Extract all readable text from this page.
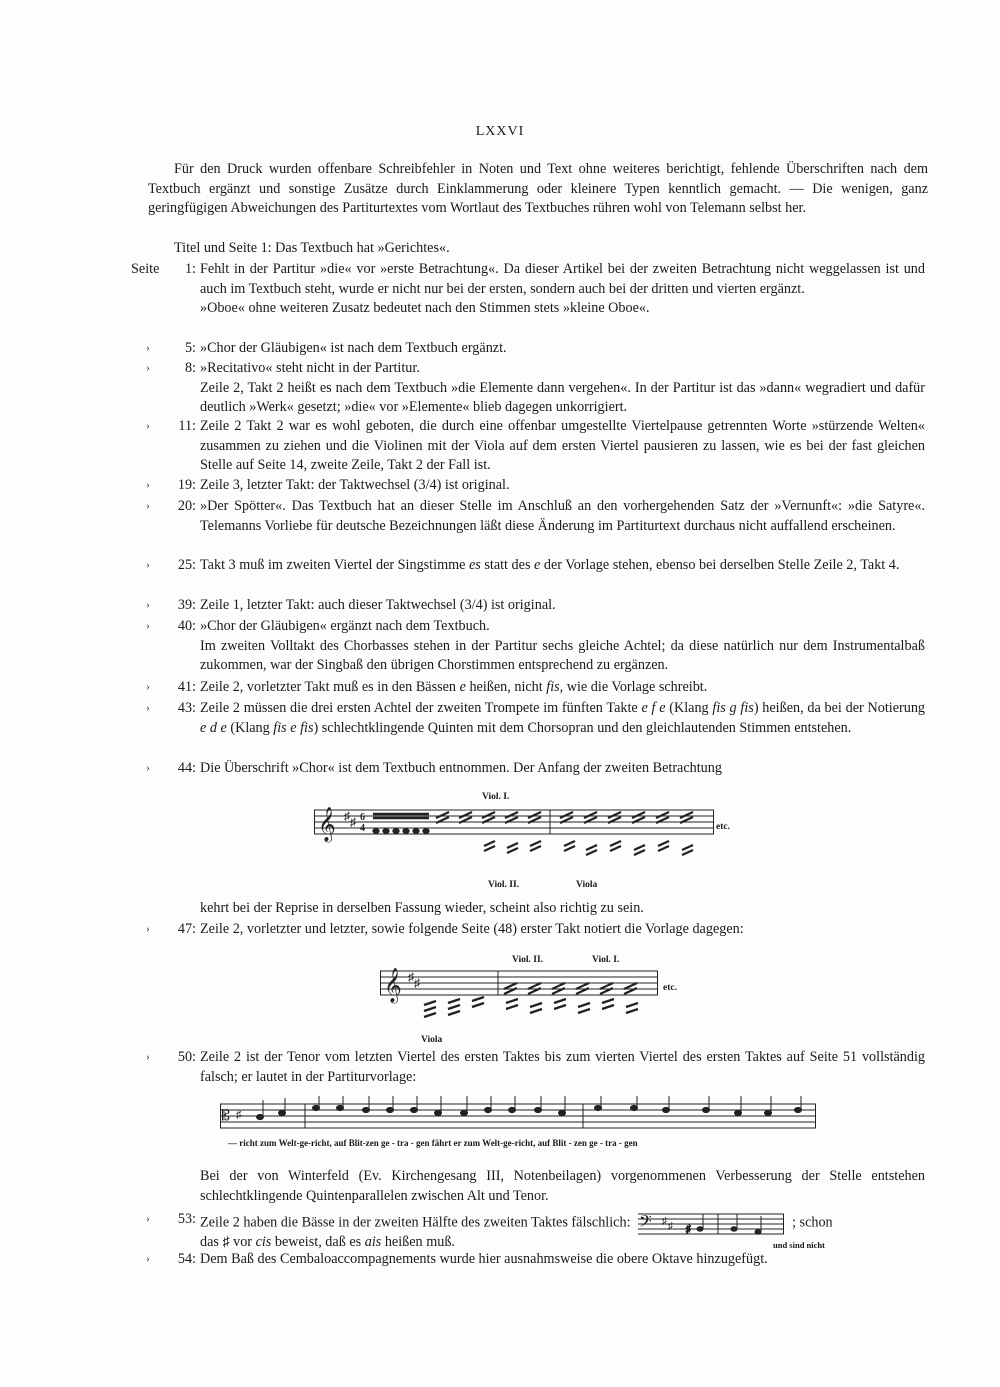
LXXVI
Für den Druck wurden offenbare Schreibfehler in Noten und Text ohne weiteres berichtigt, fehlende Überschriften nach dem Textbuch ergänzt und sonstige Zusätze durch Einklammerung oder kleinere Typen kenntlich gemacht. — Die wenigen, ganz geringfügigen Abweichungen des Partiturtextes vom Wortlaut des Textbuches rühren wohl von Telemann selbst her.
Titel und Seite 1: Das Textbuch hat »Gerichtes«.
Seite	1: Fehlt in der Partitur »die« vor »erste Betrachtung«. Da dieser Artikel bei der zweiten Betrachtung nicht weggelassen ist und auch im Textbuch steht, wurde er nicht nur bei der ersten, sondern auch bei der dritten und vierten ergänzt.

»Oboe« ohne weiteren Zusatz bedeutet nach den Stimmen stets »kleine Oboe«.

›	5: »Chor der Gläubigen« ist nach dem Textbuch ergänzt.

›	8: »Recitativo« steht nicht in der Partitur.

Zeile 2, Takt 2 heißt es nach dem Textbuch »die Elemente dann vergehen«. In der Partitur ist das »dann« wegradiert und dafür deutlich »Werk« gesetzt; »die« vor »Elemente« blieb dagegen unkorrigiert.

›	11: Zeile 2 Takt 2 war es wohl geboten, die durch eine offenbar umgestellte Viertelpause getrennten Worte »stürzende Welten« zusammen zu ziehen und die Violinen mit der Viola auf dem ersten Viertel pausieren zu lassen, wie es bei der fast gleichen Stelle auf Seite 14, zweite Zeile, Takt 2 der Fall ist.

›	19: Zeile 3, letzter Takt: der Taktwechsel (3/4) ist original.

›	20: »Der Spötter«. Das Textbuch hat an dieser Stelle im Anschluß an den vorhergehenden Satz der »Vernunft«: »die Satyre«. Telemanns Vorliebe für deutsche Bezeichnungen läßt diese Änderung im Partiturtext durchaus nicht auffallend erscheinen.

›	25: Takt 3 muß im zweiten Viertel der Singstimme es statt des e der Vorlage stehen, ebenso bei derselben Stelle Zeile 2, Takt 4.

›	39: Zeile 1, letzter Takt: auch dieser Taktwechsel (3/4) ist original.

›	40: »Chor der Gläubigen« ergänzt nach dem Textbuch.

Im zweiten Volltakt des Chorbasses stehen in der Partitur sechs gleiche Achtel; da diese natürlich nur dem Instrumentalbaß zukommen, war der Singbaß den übrigen Chorstimmen entsprechend zu ergänzen.

›	41: Zeile 2, vorletzter Takt muß es in den Bässen e heißen, nicht fis, wie die Vorlage schreibt.

›	43: Zeile 2 müssen die drei ersten Achtel der zweiten Trompete im fünften Takte e f e (Klang fis g fis) heißen, da bei der Notierung e d e (Klang fis e fis) schlechtklingende Quinten mit dem Chorsopran und den gleichlautenden Stimmen entstehen.

›	44: Die Überschrift »Chor« ist dem Textbuch entnommen. Der Anfang der zweiten Betrachtung

Viol. I.
𝄞 ♯ ♯ 6
4	etc.
Viol. II.	Viola
kehrt bei der Reprise in derselben Fassung wieder, scheint also richtig zu sein.
›	47: Zeile 2, vorletzter und letzter, sowie folgende Seite (48) erster Takt notiert die Vorlage dagegen:

Viol. II.	Viol. I.
𝄞 ♯ ♯	etc.
Viola
›	50: Zeile 2 ist der Tenor vom letzten Viertel des ersten Taktes bis zum vierten Viertel des ersten Taktes auf Seite 51 vollständig falsch; er lautet in der Partiturvorlage:

𝄡 ♯
— richt zum Welt-ge-richt, auf Blit-zen ge - tra - gen fährt er zum Welt-ge-richt, auf Blit - zen ge - tra - gen
Bei der von Winterfeld (Ev. Kirchengesang III, Notenbeilagen) vorgenommenen Verbesserung der Stelle entstehen schlechtklingende Quintenparallelen zwischen Alt und Tenor.
›	53: Zeile 2 haben die Bässe in der zweiten Hälfte des zweiten Taktes fälschlich: 𝄢 ♯ ♯ ♯	; schon

das ♯ vor cis beweist, daß es ais heißen muß.	und sind nicht
›	54: Dem Baß des Cembaloaccompagnements wurde hier ausnahmsweise die obere Oktave hinzugefügt.
